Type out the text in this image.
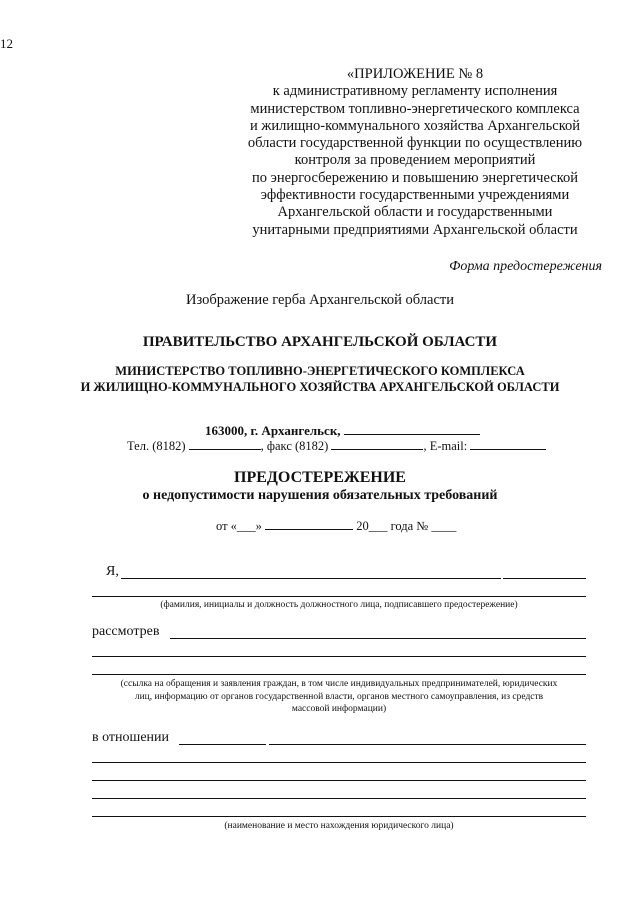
12
«ПРИЛОЖЕНИЕ № 8
к административному регламенту исполнения
министерством топливно-энергетического комплекса
и жилищно-коммунального хозяйства Архангельской
области государственной функции по осуществлению
контроля за проведением мероприятий
по энергосбережению и повышению энергетической
эффективности государственными учреждениями
Архангельской области и государственными
унитарными предприятиями Архангельской области
Форма предостережения
Изображение герба Архангельской области
ПРАВИТЕЛЬСТВО АРХАНГЕЛЬСКОЙ ОБЛАСТИ
МИНИСТЕРСТВО ТОПЛИВНО-ЭНЕРГЕТИЧЕСКОГО КОМПЛЕКСА
И ЖИЛИЩНО-КОММУНАЛЬНОГО ХОЗЯЙСТВА АРХАНГЕЛЬСКОЙ ОБЛАСТИ
163000, г. Архангельск,
Тел. (8182)	, факс (8182)	, E-mail:
ПРЕДОСТЕРЕЖЕНИЕ
о недопустимости нарушения обязательных требований
от «___»	20___ года № ____
Я,
(фамилия, инициалы и должность должностного лица, подписавшего предостережение)
рассмотрев
(ссылка на обращения и заявления граждан, в том числе индивидуальных предпринимателей, юридических
лиц, информацию от органов государственной власти, органов местного самоуправления, из средств
массовой информации)
в отношении
(наименование и место нахождения юридического лица)
